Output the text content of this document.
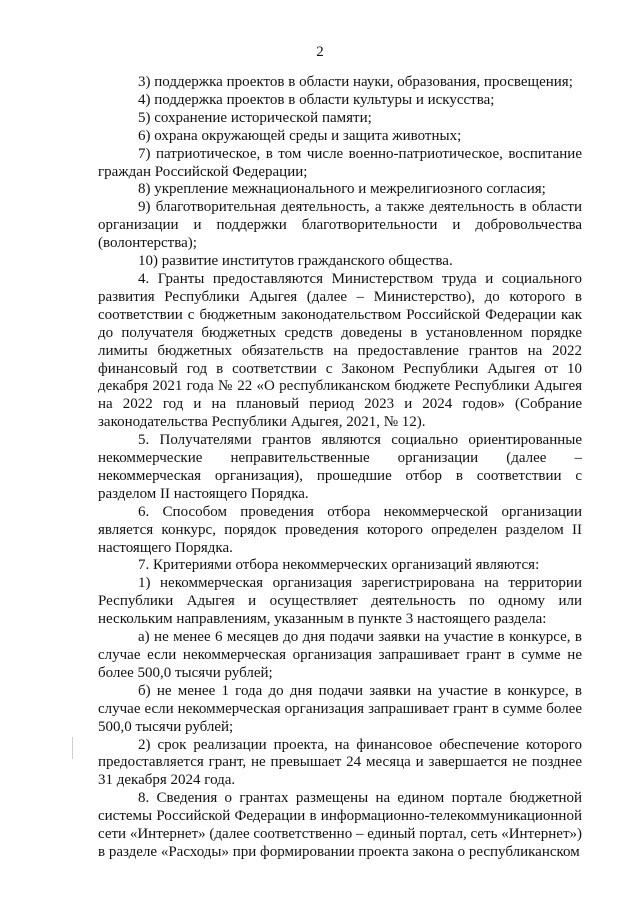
2

3) поддержка проектов в области науки, образования, просвещения;

4) поддержка проектов в области культуры и искусства;

5) сохранение исторической памяти;

6) охрана окружающей среды и защита животных;

7) патриотическое, в том числе военно-патриотическое, воспитание граждан Российской Федерации;

8) укрепление межнационального и межрелигиозного согласия;

9) благотворительная деятельность, а также деятельность в области организации и поддержки благотворительности и добровольчества (волонтерства);

10) развитие институтов гражданского общества.

4. Гранты предоставляются Министерством труда и социального развития Республики Адыгея (далее – Министерство), до которого в соответствии с бюджетным законодательством Российской Федерации как до получателя бюджетных средств доведены в установленном порядке лимиты бюджетных обязательств на предоставление грантов на 2022 финансовый год в соответствии с Законом Республики Адыгея от 10 декабря 2021 года № 22 «О республиканском бюджете Республики Адыгея на 2022 год и на плановый период 2023 и 2024 годов» (Собрание законодательства Республики Адыгея, 2021, № 12).

5. Получателями грантов являются социально ориентированные некоммерческие неправительственные организации (далее – некоммерческая организация), прошедшие отбор в соответствии с разделом II настоящего Порядка.

6. Способом проведения отбора некоммерческой организации является конкурс, порядок проведения которого определен разделом II настоящего Порядка.

7. Критериями отбора некоммерческих организаций являются:

1) некоммерческая организация зарегистрирована на территории Республики Адыгея и осуществляет деятельность по одному или нескольким направлениям, указанным в пункте 3 настоящего раздела:

а) не менее 6 месяцев до дня подачи заявки на участие в конкурсе, в случае если некоммерческая организация запрашивает грант в сумме не более 500,0 тысячи рублей;

б) не менее 1 года до дня подачи заявки на участие в конкурсе, в случае если некоммерческая организация запрашивает грант в сумме более 500,0 тысячи рублей;

2) срок реализации проекта, на финансовое обеспечение которого предоставляется грант, не превышает 24 месяца и завершается не позднее 31 декабря 2024 года.

8. Сведения о грантах размещены на едином портале бюджетной системы Российской Федерации в информационно-телекоммуникационной сети «Интернет» (далее соответственно – единый портал, сеть «Интернет») в разделе «Расходы» при формировании проекта закона о республиканском
